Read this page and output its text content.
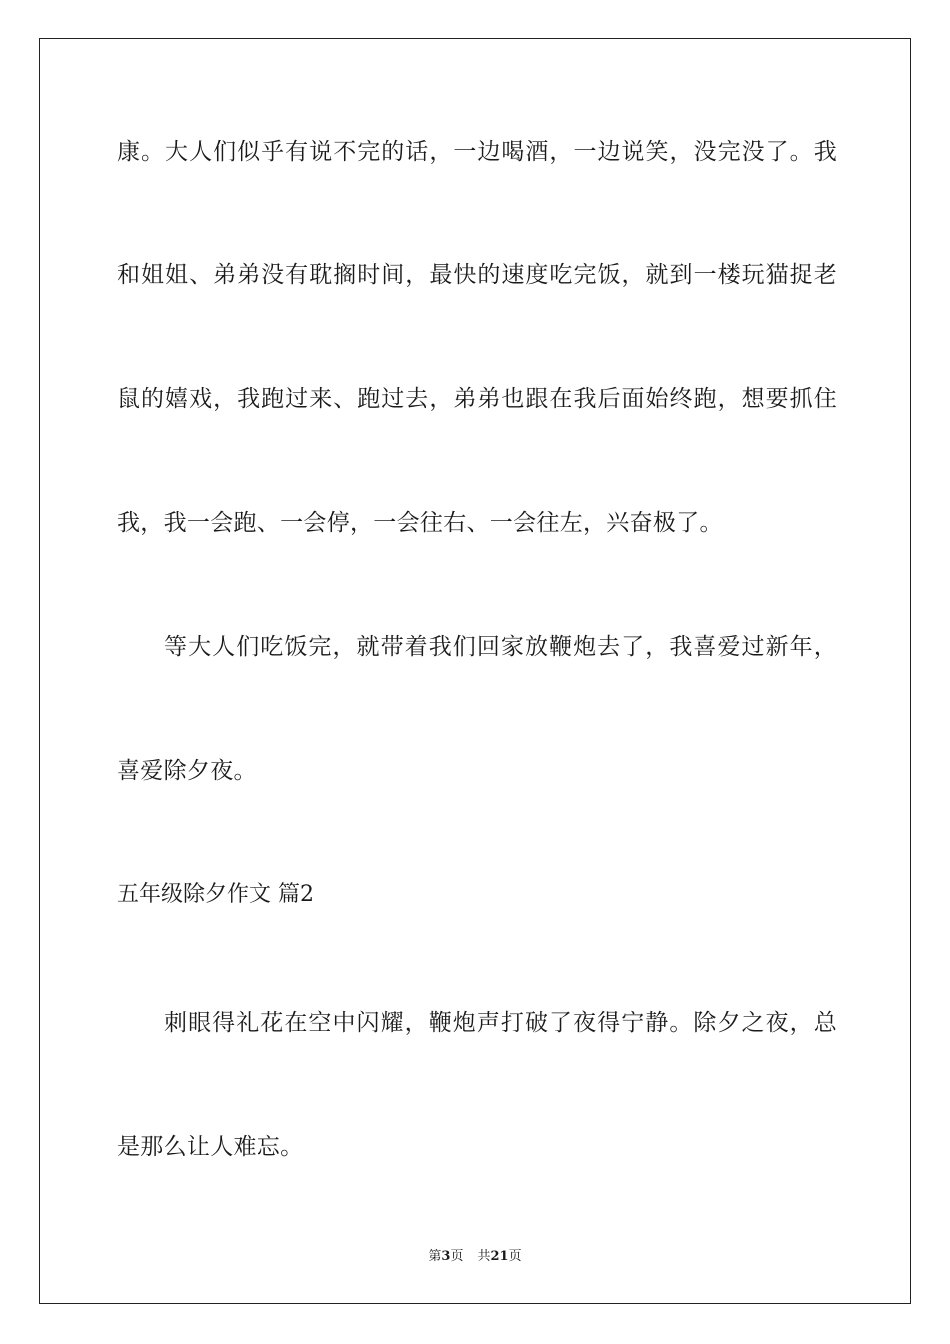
康。大人们似乎有说不完的话，一边喝酒，一边说笑，没完没了。我
和姐姐、弟弟没有耽搁时间，最快的速度吃完饭，就到一楼玩猫捉老
鼠的嬉戏，我跑过来、跑过去，弟弟也跟在我后面始终跑，想要抓住
我，我一会跑、一会停，一会往右、一会往左，兴奋极了。
等大人们吃饭完，就带着我们回家放鞭炮去了，我喜爱过新年，
喜爱除夕夜。
五年级除夕作文 篇2
刺眼得礼花在空中闪耀，鞭炮声打破了夜得宁静。除夕之夜，总
是那么让人难忘。
第3页 共21页
